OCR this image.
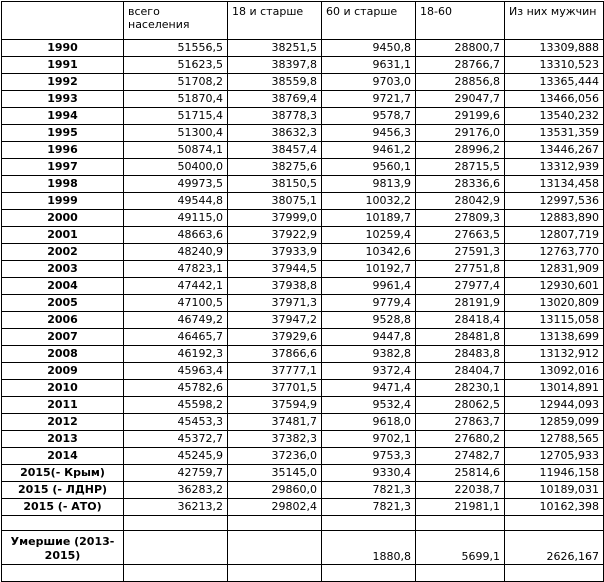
	всего населения	18 и старше	60 и старше	18-60	Из них мужчин
1990	51556,5	38251,5	9450,8	28800,7	13309,888
1991	51623,5	38397,8	9631,1	28766,7	13310,523
1992	51708,2	38559,8	9703,0	28856,8	13365,444
1993	51870,4	38769,4	9721,7	29047,7	13466,056
1994	51715,4	38778,3	9578,7	29199,6	13540,232
1995	51300,4	38632,3	9456,3	29176,0	13531,359
1996	50874,1	38457,4	9461,2	28996,2	13446,267
1997	50400,0	38275,6	9560,1	28715,5	13312,939
1998	49973,5	38150,5	9813,9	28336,6	13134,458
1999	49544,8	38075,1	10032,2	28042,9	12997,536
2000	49115,0	37999,0	10189,7	27809,3	12883,890
2001	48663,6	37922,9	10259,4	27663,5	12807,719
2002	48240,9	37933,9	10342,6	27591,3	12763,770
2003	47823,1	37944,5	10192,7	27751,8	12831,909
2004	47442,1	37938,8	9961,4	27977,4	12930,601
2005	47100,5	37971,3	9779,4	28191,9	13020,809
2006	46749,2	37947,2	9528,8	28418,4	13115,058
2007	46465,7	37929,6	9447,8	28481,8	13138,699
2008	46192,3	37866,6	9382,8	28483,8	13132,912
2009	45963,4	37777,1	9372,4	28404,7	13092,016
2010	45782,6	37701,5	9471,4	28230,1	13014,891
2011	45598,2	37594,9	9532,4	28062,5	12944,093
2012	45453,3	37481,7	9618,0	27863,7	12859,099
2013	45372,7	37382,3	9702,1	27680,2	12788,565
2014	45245,9	37236,0	9753,3	27482,7	12705,933
2015(- Крым)	42759,7	35145,0	9330,4	25814,6	11946,158
2015 (- ЛДНР)	36283,2	29860,0	7821,3	22038,7	10189,031
2015 (- АТО)	36213,2	29802,4	7821,3	21981,1	10162,398

Умершие (2013-2015)			1880,8	5699,1	2626,167
